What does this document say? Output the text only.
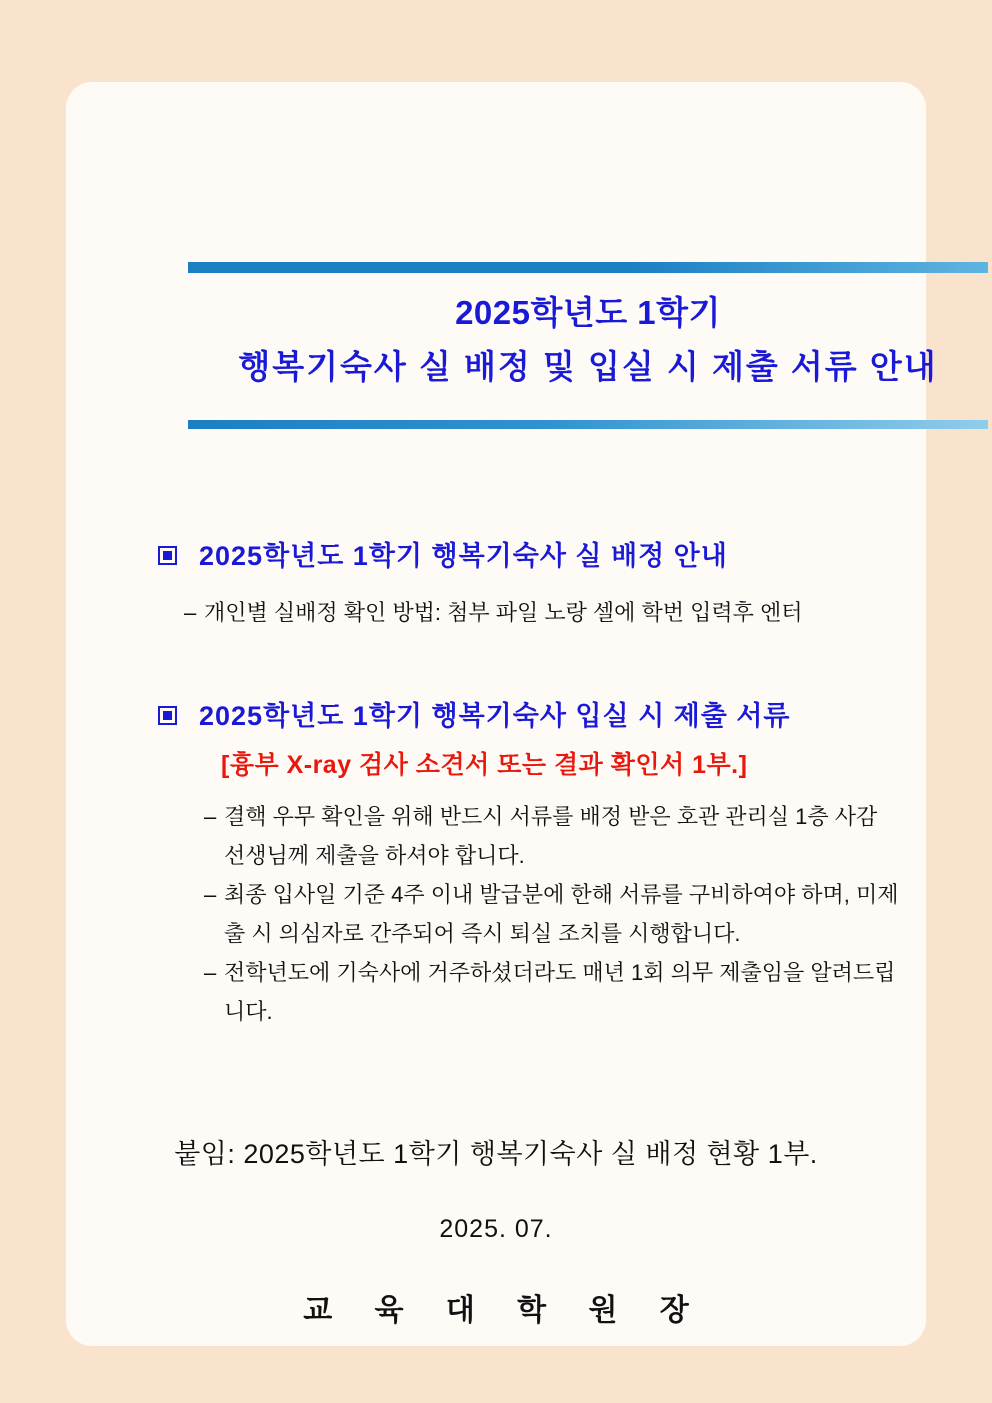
2025학년도 1학기
행복기숙사 실 배정 및 입실 시 제출 서류 안내
2025학년도 1학기 행복기숙사 실 배정 안내
– 개인별 실배정 확인 방법: 첨부 파일 노랑 셀에 학번 입력후 엔터
2025학년도 1학기 행복기숙사 입실 시 제출 서류
[흉부 X-ray 검사 소견서 또는 결과 확인서 1부.]
– 결핵 우무 확인을 위해 반드시 서류를 배정 받은 호관 관리실 1층 사감 선생님께 제출을 하셔야 합니다.
– 최종 입사일 기준 4주 이내 발급분에 한해 서류를 구비하여야 하며, 미제출 시 의심자로 간주되어 즉시 퇴실 조치를 시행합니다.
– 전학년도에 기숙사에 거주하셨더라도 매년 1회 의무 제출임을 알려드립니다.
붙임: 2025학년도 1학기 행복기숙사 실 배정 현황 1부.
2025. 07.
교 육 대 학 원 장
